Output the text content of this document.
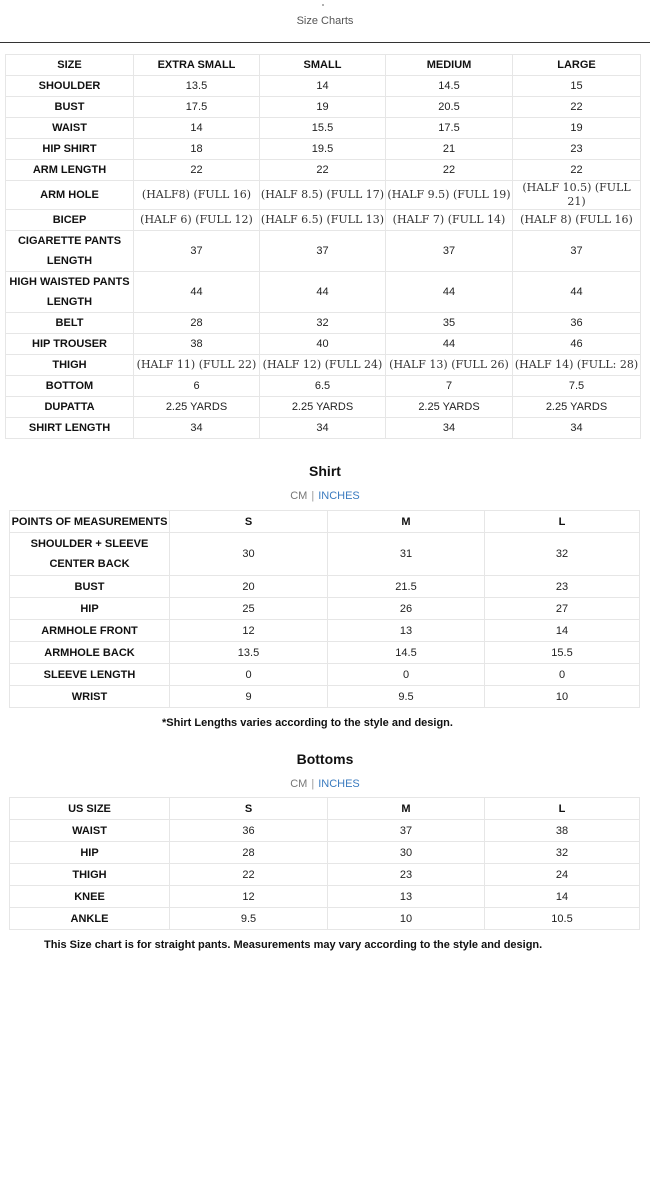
Size Charts
SIZE	EXTRA SMALL	SMALL	MEDIUM	LARGE
SHOULDER	13.5	14	14.5	15
BUST	17.5	19	20.5	22
WAIST	14	15.5	17.5	19
HIP SHIRT	18	19.5	21	23
ARM LENGTH	22	22	22	22
ARM HOLE	(HALF8) (FULL 16)	(HALF 8.5) (FULL 17)	(HALF 9.5) (FULL 19)	(HALF 10.5) (FULL 21)
BICEP	(HALF 6) (FULL 12)	(HALF 6.5) (FULL 13)	(HALF 7) (FULL 14)	(HALF 8) (FULL 16)
CIGARETTE PANTS LENGTH	37	37	37	37
HIGH WAISTED PANTS LENGTH	44	44	44	44
BELT	28	32	35	36
HIP TROUSER	38	40	44	46
THIGH	(HALF 11) (FULL 22)	(HALF 12) (FULL 24)	(HALF 13) (FULL 26)	(HALF 14) (FULL: 28)
BOTTOM	6	6.5	7	7.5
DUPATTA	2.25 YARDS	2.25 YARDS	2.25 YARDS	2.25 YARDS
SHIRT LENGTH	34	34	34	34
Shirt
CM | INCHES
POINTS OF MEASUREMENTS	S	M	L
SHOULDER + SLEEVE CENTER BACK	30	31	32
BUST	20	21.5	23
HIP	25	26	27
ARMHOLE FRONT	12	13	14
ARMHOLE BACK	13.5	14.5	15.5
SLEEVE LENGTH	0	0	0
WRIST	9	9.5	10
*Shirt Lengths varies according to the style and design.
Bottoms
CM | INCHES
US SIZE	S	M	L
WAIST	36	37	38
HIP	28	30	32
THIGH	22	23	24
KNEE	12	13	14
ANKLE	9.5	10	10.5
This Size chart is for straight pants. Measurements may vary according to the style and design.
